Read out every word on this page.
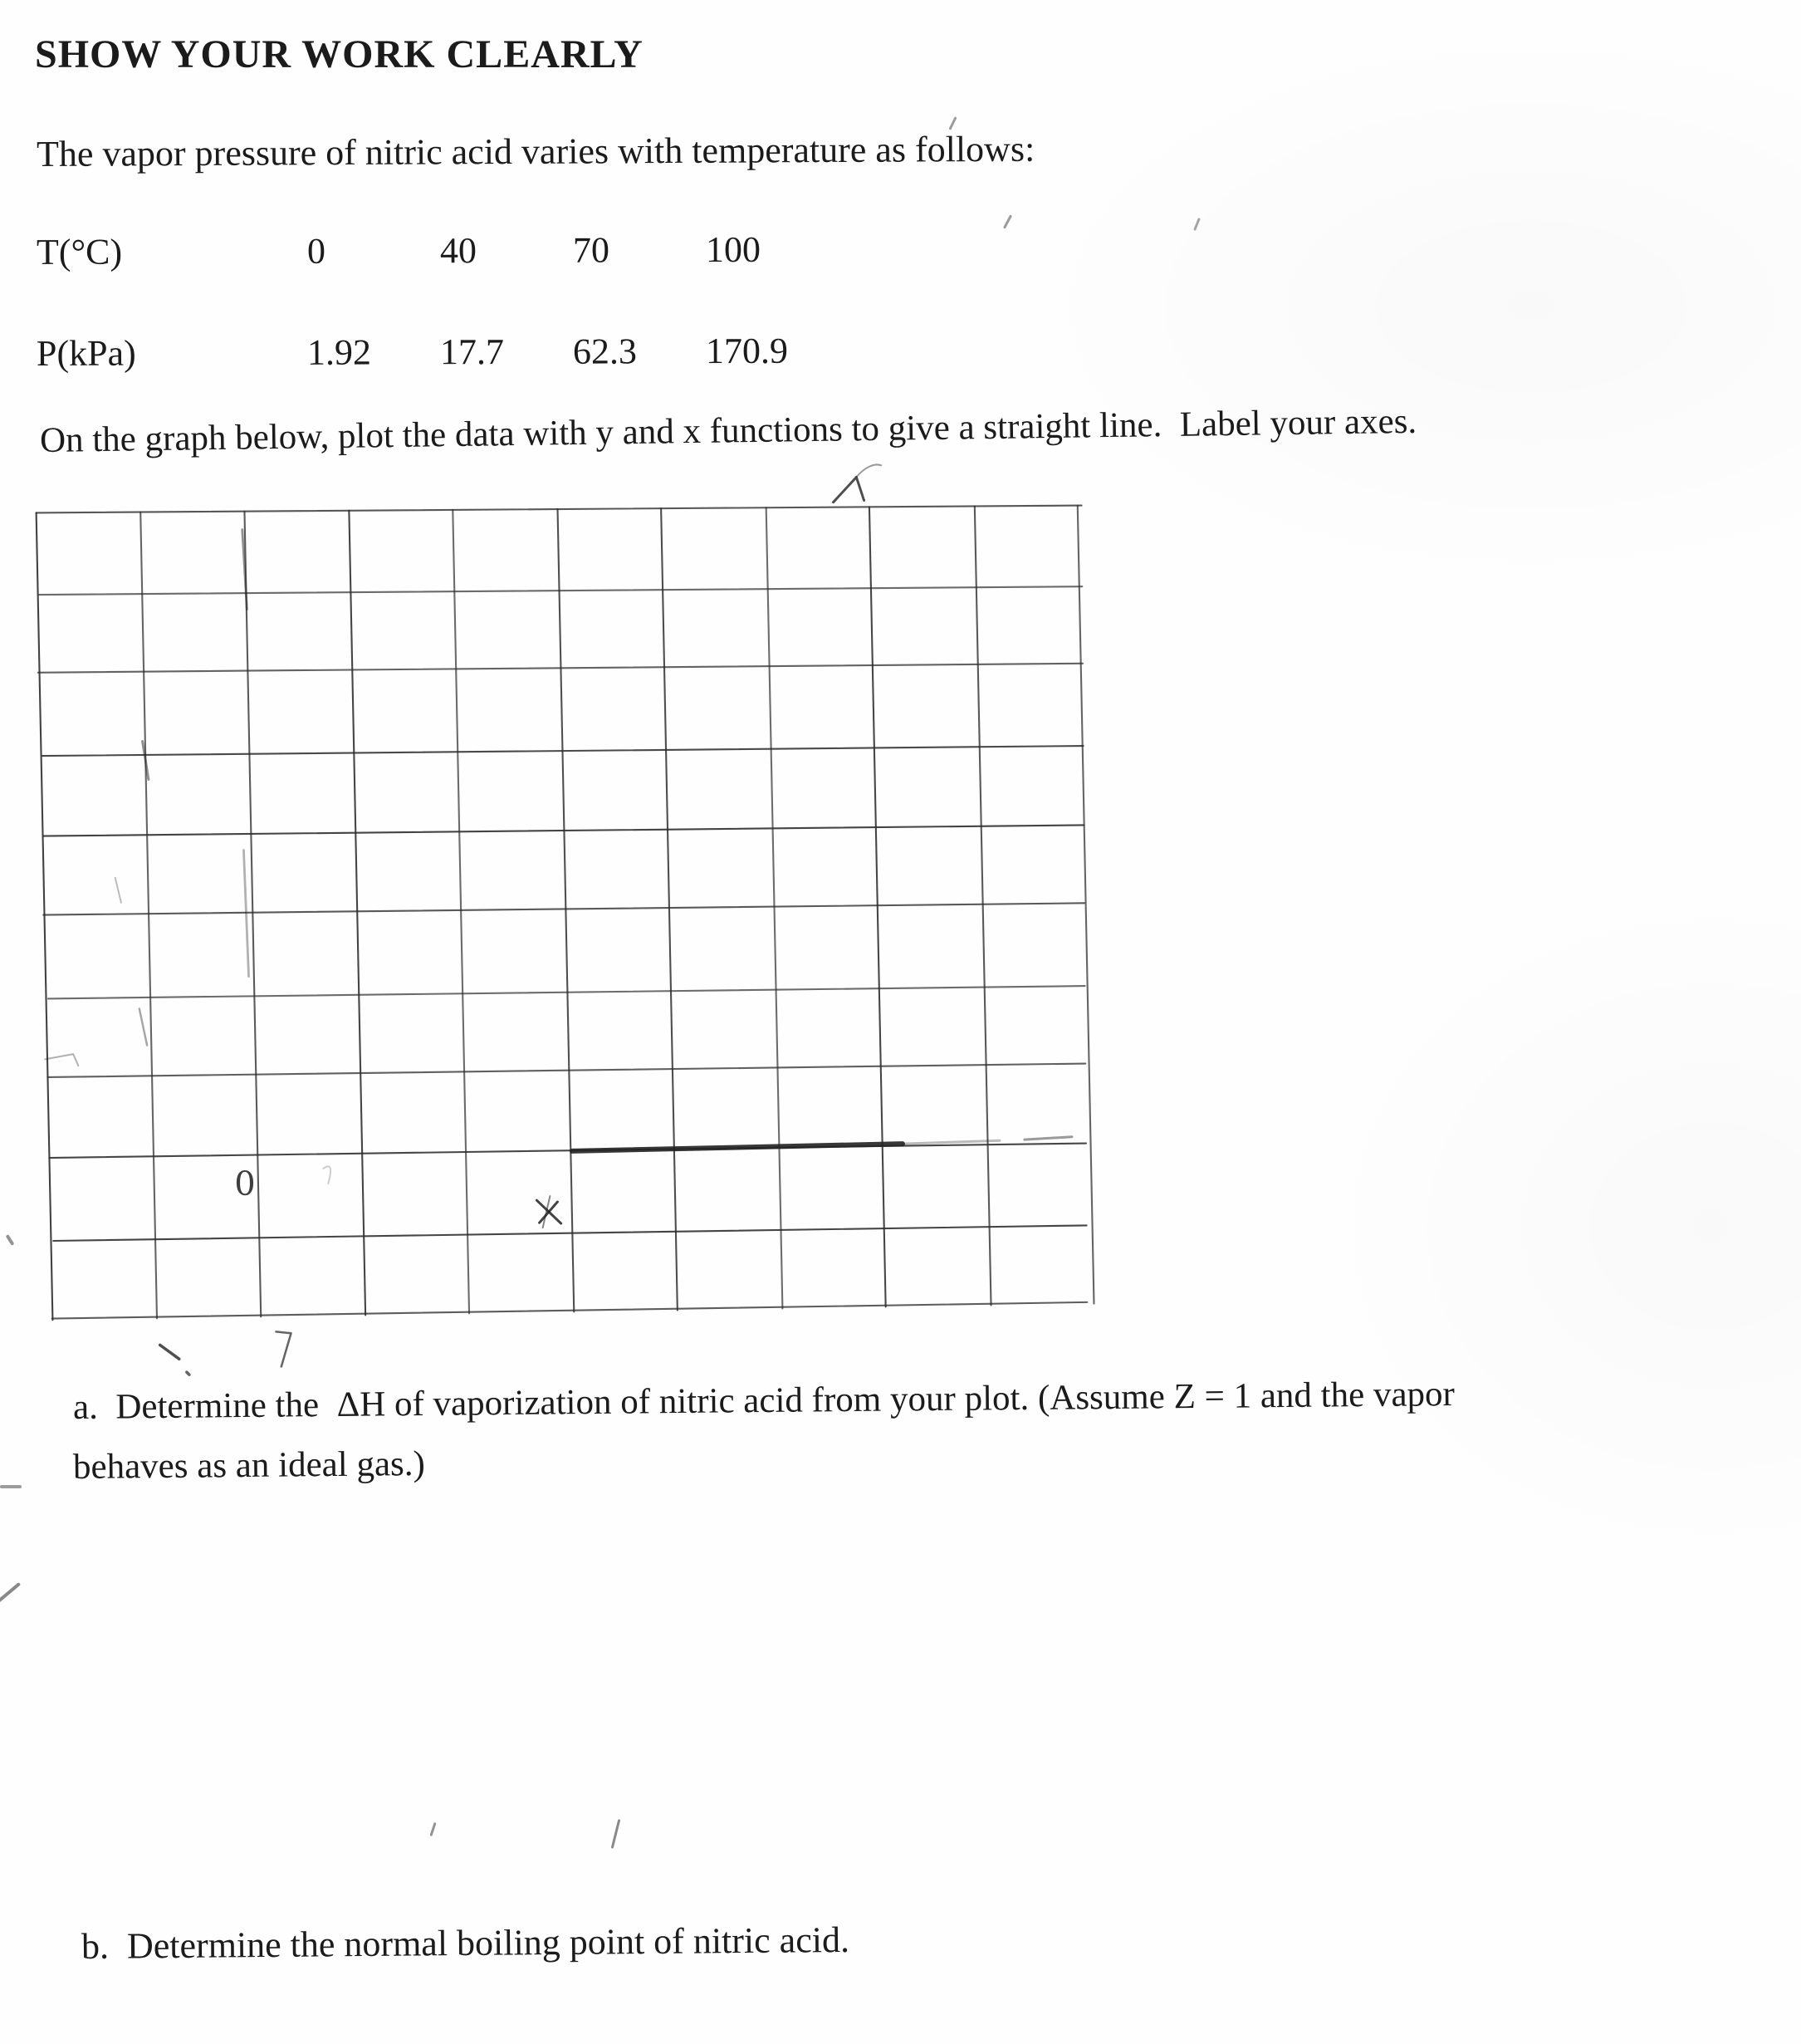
SHOW YOUR WORK CLEARLY

The vapor pressure of nitric acid varies with temperature as follows:

T(°C)	0	40	70	100
P(kPa)	1.92	17.7	62.3	170.9

On the graph below, plot the data with y and x functions to give a straight line.  Label your axes.

0

a.  Determine the  ΔH of vaporization of nitric acid from your plot. (Assume Z = 1 and the vapor

behaves as an ideal gas.)

b.  Determine the normal boiling point of nitric acid.
